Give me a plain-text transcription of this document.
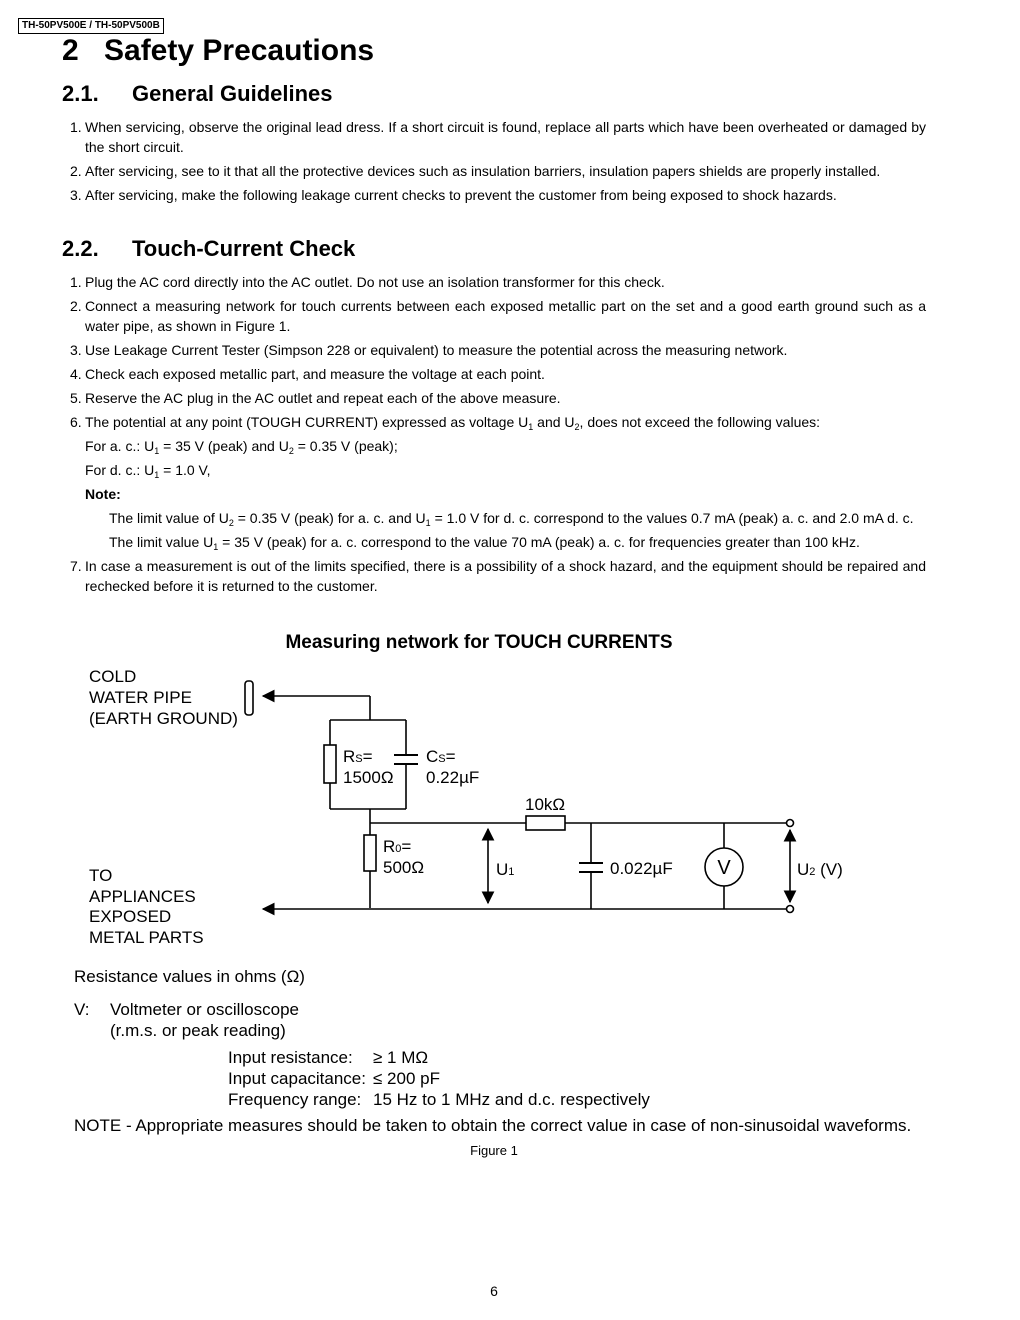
TH-50PV500E / TH-50PV500B
2 Safety Precautions
2.1. General Guidelines
1. When servicing, observe the original lead dress. If a short circuit is found, replace all parts which have been overheated or damaged by the short circuit.
2. After servicing, see to it that all the protective devices such as insulation barriers, insulation papers shields are properly installed.
3. After servicing, make the following leakage current checks to prevent the customer from being exposed to shock hazards.
2.2. Touch-Current Check
1. Plug the AC cord directly into the AC outlet. Do not use an isolation transformer for this check.
2. Connect a measuring network for touch currents between each exposed metallic part on the set and a good earth ground such as a water pipe, as shown in Figure 1.
3. Use Leakage Current Tester (Simpson 228 or equivalent) to measure the potential across the measuring network.
4. Check each exposed metallic part, and measure the voltage at each point.
5. Reserve the AC plug in the AC outlet and repeat each of the above measure.
6. The potential at any point (TOUGH CURRENT) expressed as voltage $U_1$ and $U_2$, does not exceed the following values:
For a. c.: $U_1 = 35$ V (peak) and $U_2 = 0.35$ V (peak);
For d. c.: $U_1 = 1.0$ V,
Note:
The limit value of $U_2 = 0.35$ V (peak) for a. c. and $U_1 = 1.0$ V for d. c. correspond to the values 0.7 mA (peak) a. c. and 2.0 mA d. c.
The limit value $U_1 = 35$ V (peak) for a. c. correspond to the value 70 mA (peak) a. c. for frequencies greater than 100 kHz.
7. In case a measurement is out of the limits specified, there is a possibility of a shock hazard, and the equipment should be repaired and rechecked before it is returned to the customer.
Measuring network for TOUCH CURRENTS
COLD
WATER PIPE
(EARTH GROUND)
TO
APPLIANCES
EXPOSED
METAL PARTS
RS=
1500Ω
CS=
0.22µF
R0=
500Ω
10kΩ
U1	0.022µF V	U2 (V)
Resistance values in ohms (Ω)
V: Voltmeter or oscilloscope
(r.m.s. or peak reading)
Input resistance: ≥ 1 MΩ
Input capacitance: ≤ 200 pF
Frequency range: 15 Hz to 1 MHz and d.c. respectively
NOTE - Appropriate measures should be taken to obtain the correct value in case of non-sinusoidal waveforms.
Figure 1
6
